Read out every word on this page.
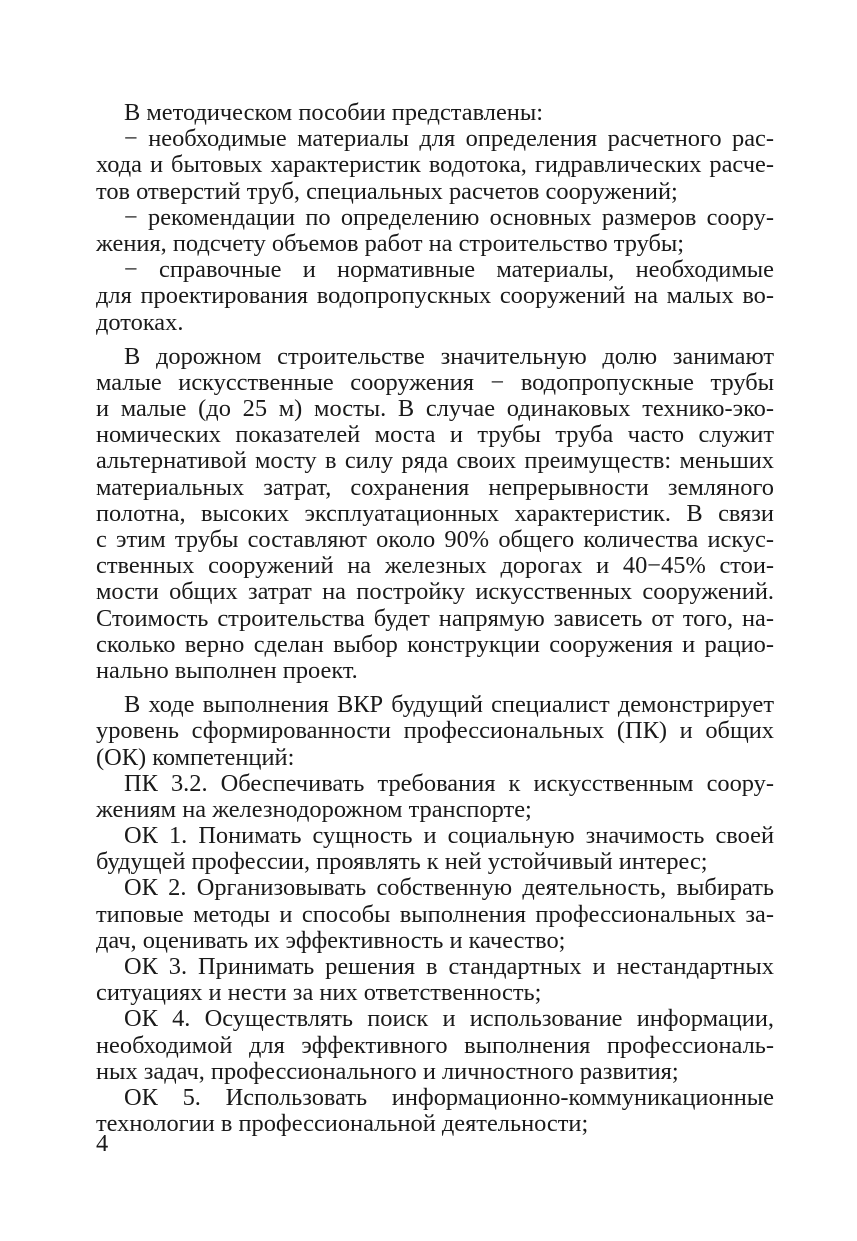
В методическом пособии представлены:
− необходимые материалы для определения расчетного рас-
хода и бытовых характеристик водотока, гидравлических расче-
тов отверстий труб, специальных расчетов сооружений;
− рекомендации по определению основных размеров соору-
жения, подсчету объемов работ на строительство трубы;
− справочные и нормативные материалы, необходимые
для проектирования водопропускных сооружений на малых во-
дотоках.
В дорожном строительстве значительную долю занимают
малые искусственные сооружения − водопропускные трубы
и малые (до 25 м) мосты. В случае одинаковых технико-эко-
номических показателей моста и трубы труба часто служит
альтернативой мосту в силу ряда своих преимуществ: меньших
материальных затрат, сохранения непрерывности земляного
полотна, высоких эксплуатационных характеристик. В связи
с этим трубы составляют около 90% общего количества искус-
ственных сооружений на железных дорогах и 40−45% стои-
мости общих затрат на постройку искусственных сооружений.
Стоимость строительства будет напрямую зависеть от того, на-
сколько верно сделан выбор конструкции сооружения и рацио-
нально выполнен проект.
В ходе выполнения ВКР будущий специалист демонстрирует
уровень сформированности профессиональных (ПК) и общих
(ОК) компетенций:
ПК 3.2. Обеспечивать требования к искусственным соору-
жениям на железнодорожном транспорте;
ОК 1. Понимать сущность и социальную значимость своей
будущей профессии, проявлять к ней устойчивый интерес;
ОК 2. Организовывать собственную деятельность, выбирать
типовые методы и способы выполнения профессиональных за-
дач, оценивать их эффективность и качество;
ОК 3. Принимать решения в стандартных и нестандартных
ситуациях и нести за них ответственность;
ОК 4. Осуществлять поиск и использование информации,
необходимой для эффективного выполнения профессиональ-
ных задач, профессионального и личностного развития;
ОК 5. Использовать информационно-коммуникационные
технологии в профессиональной деятельности;
4
